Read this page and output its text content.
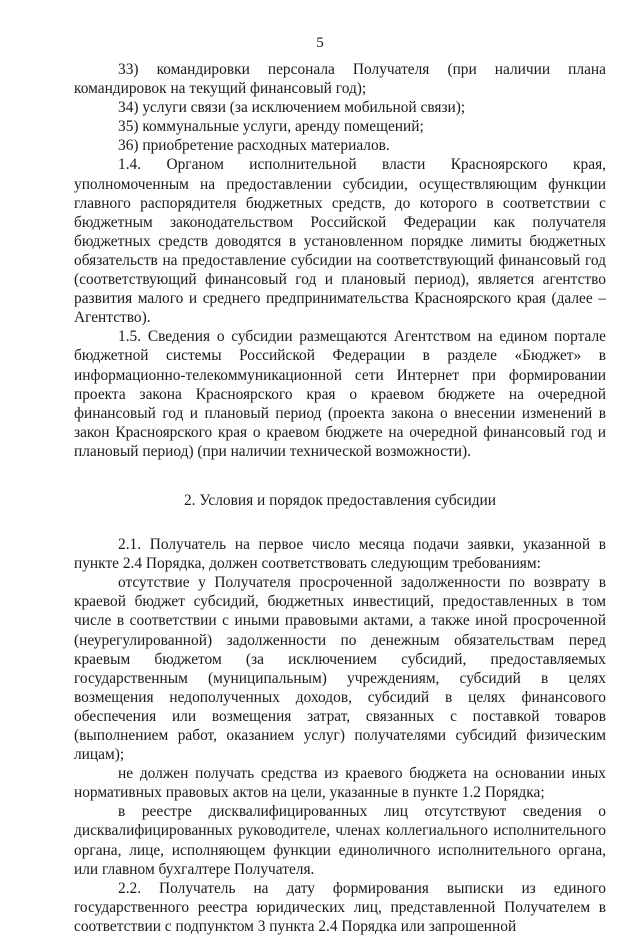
5

33) командировки персонала Получателя (при наличии плана командировок на текущий финансовый год);

34) услуги связи (за исключением мобильной связи);

35) коммунальные услуги, аренду помещений;

36) приобретение расходных материалов.

1.4. Органом исполнительной власти Красноярского края, уполномоченным на предоставлении субсидии, осуществляющим функции главного распорядителя бюджетных средств, до которого в соответствии с бюджетным законодательством Российской Федерации как получателя бюджетных средств доводятся в установленном порядке лимиты бюджетных обязательств на предоставление субсидии на соответствующий финансовый год (соответствующий финансовый год и плановый период), является агентство развития малого и среднего предпринимательства Красноярского края (далее – Агентство).

1.5. Сведения о субсидии размещаются Агентством на едином портале бюджетной системы Российской Федерации в разделе «Бюджет» в информационно-телекоммуникационной сети Интернет при формировании проекта закона Красноярского края о краевом бюджете на очередной финансовый год и плановый период (проекта закона о внесении изменений в закон Красноярского края о краевом бюджете на очередной финансовый год и плановый период) (при наличии технической возможности).

2. Условия и порядок предоставления субсидии

2.1. Получатель на первое число месяца подачи заявки, указанной в пункте 2.4 Порядка, должен соответствовать следующим требованиям:

отсутствие у Получателя просроченной задолженности по возврату в краевой бюджет субсидий, бюджетных инвестиций, предоставленных в том числе в соответствии с иными правовыми актами, а также иной просроченной (неурегулированной) задолженности по денежным обязательствам перед краевым бюджетом (за исключением субсидий, предоставляемых государственным (муниципальным) учреждениям, субсидий в целях возмещения недополученных доходов, субсидий в целях финансового обеспечения или возмещения затрат, связанных с поставкой товаров (выполнением работ, оказанием услуг) получателями субсидий физическим лицам);

не должен получать средства из краевого бюджета на основании иных нормативных правовых актов на цели, указанные в пункте 1.2 Порядка;

в реестре дисквалифицированных лиц отсутствуют сведения о дисквалифицированных руководителе, членах коллегиального исполнительного органа, лице, исполняющем функции единоличного исполнительного органа, или главном бухгалтере Получателя.

2.2. Получатель на дату формирования выписки из единого государственного реестра юридических лиц, представленной Получателем в соответствии с подпунктом 3 пункта 2.4 Порядка или запрошенной
